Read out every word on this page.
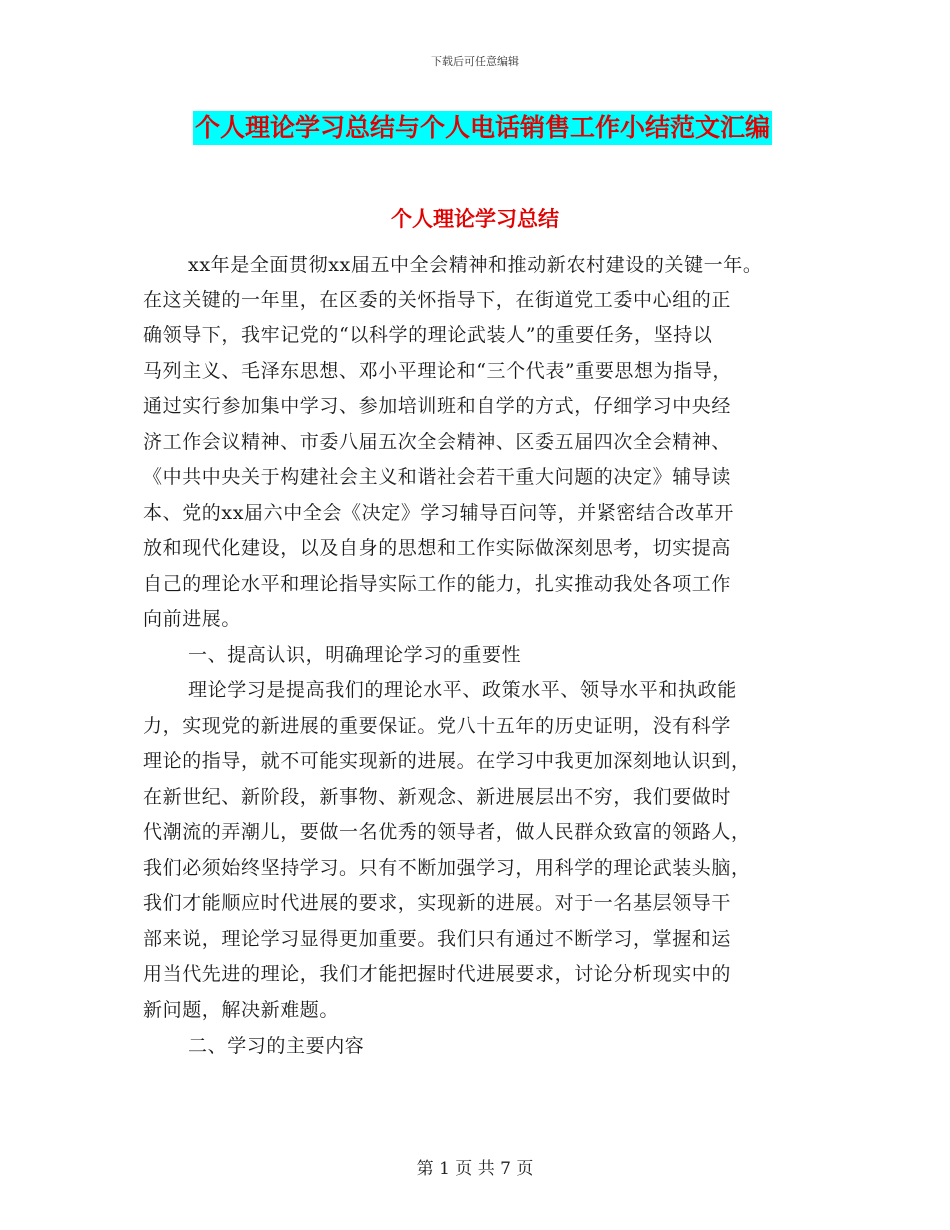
下载后可任意编辑
个人理论学习总结与个人电话销售工作小结范文汇编
个人理论学习总结
xx年是全面贯彻xx届五中全会精神和推动新农村建设的关键一年。
在这关键的一年里，在区委的关怀指导下，在街道党工委中心组的正
确领导下，我牢记党的“以科学的理论武装人”的重要任务，坚持以
马列主义、毛泽东思想、邓小平理论和“三个代表”重要思想为指导，
通过实行参加集中学习、参加培训班和自学的方式，仔细学习中央经
济工作会议精神、市委八届五次全会精神、区委五届四次全会精神、
《中共中央关于构建社会主义和谐社会若干重大问题的决定》辅导读
本、党的xx届六中全会《决定》学习辅导百问等，并紧密结合改革开
放和现代化建设，以及自身的思想和工作实际做深刻思考，切实提高
自己的理论水平和理论指导实际工作的能力，扎实推动我处各项工作
向前进展。
一、提高认识，明确理论学习的重要性
理论学习是提高我们的理论水平、政策水平、领导水平和执政能
力，实现党的新进展的重要保证。党八十五年的历史证明，没有科学
理论的指导，就不可能实现新的进展。在学习中我更加深刻地认识到，
在新世纪、新阶段，新事物、新观念、新进展层出不穷，我们要做时
代潮流的弄潮儿，要做一名优秀的领导者，做人民群众致富的领路人，
我们必须始终坚持学习。只有不断加强学习，用科学的理论武装头脑，
我们才能顺应时代进展的要求，实现新的进展。对于一名基层领导干
部来说，理论学习显得更加重要。我们只有通过不断学习，掌握和运
用当代先进的理论，我们才能把握时代进展要求，讨论分析现实中的
新问题，解决新难题。
二、学习的主要内容
第 1 页 共 7 页
